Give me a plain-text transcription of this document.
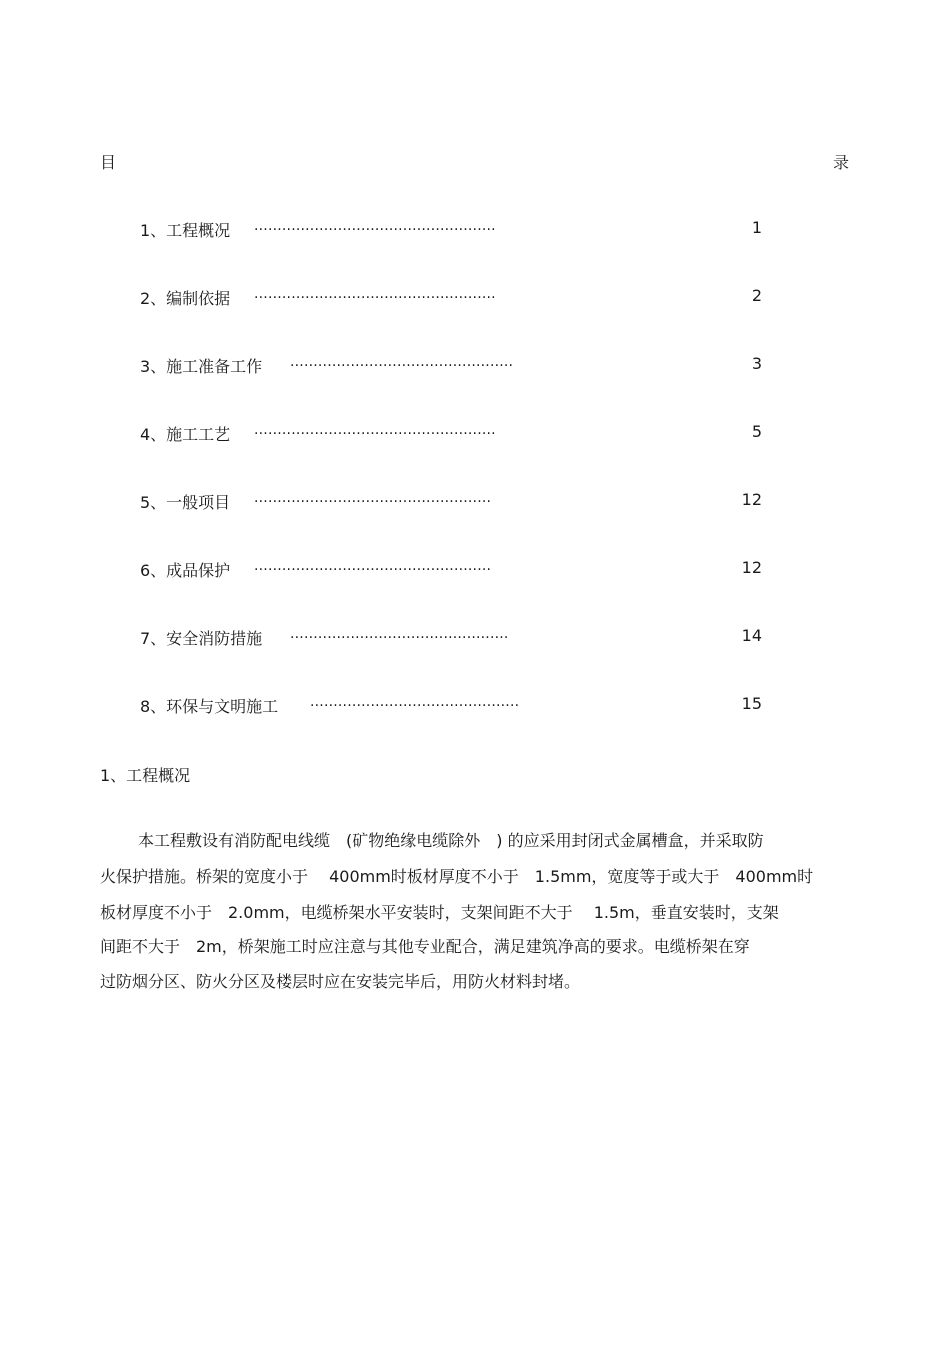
目	录
1、工程概况 ....................................................	1
2、编制依据 ....................................................	2
3、施工准备工作 ................................................	3
4、施工工艺 ....................................................	5
5、一般项目 ...................................................	12
6、成品保护 ...................................................	12
7、安全消防措施 ...............................................	14
8、环保与文明施工 .............................................	15
1、工程概况
本工程敷设有消防配电线缆　(矿物绝缘电缆除外　) 的应采用封闭式金属槽盒，并采取防
火保护措施。桥架的宽度小于　 400mm时板材厚度不小于　1.5mm，宽度等于或大于　400mm时
板材厚度不小于　2.0mm，电缆桥架水平安装时，支架间距不大于　 1.5m，垂直安装时，支架
间距不大于　2m，桥架施工时应注意与其他专业配合，满足建筑净高的要求。电缆桥架在穿
过防烟分区、防火分区及楼层时应在安装完毕后，用防火材料封堵。
